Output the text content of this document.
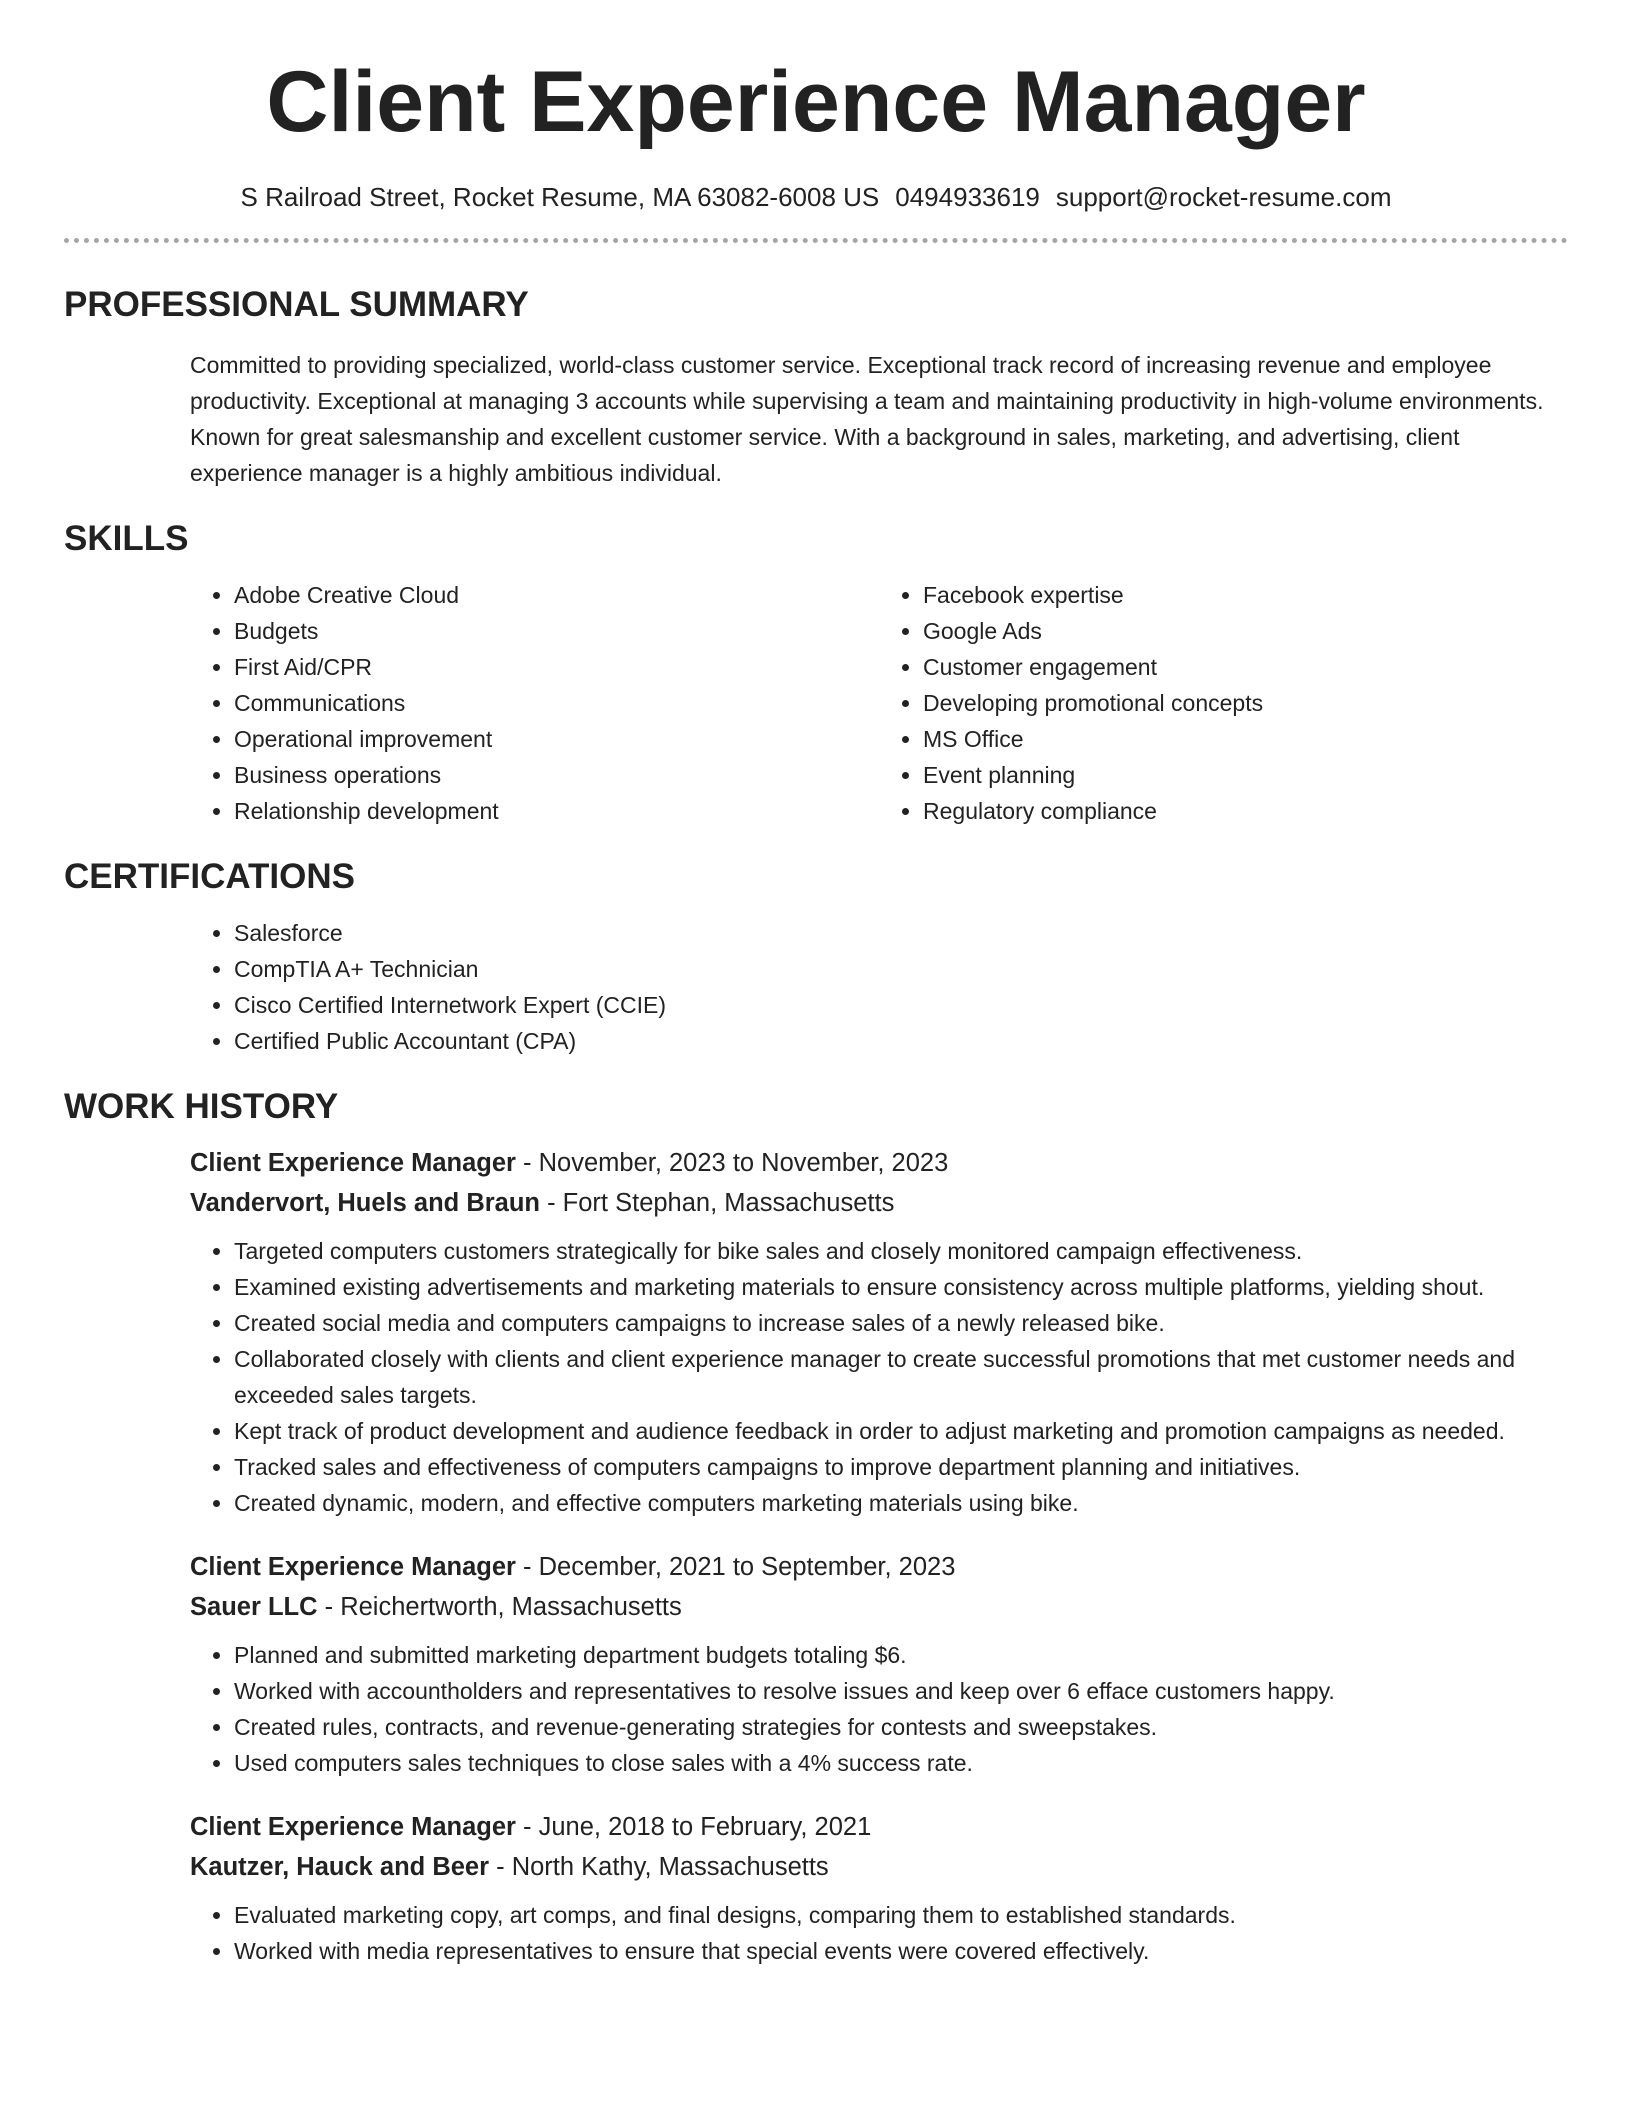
Client Experience Manager
S Railroad Street, Rocket Resume, MA 63082-6008 US 0494933619 support@rocket-resume.com
PROFESSIONAL SUMMARY

Committed to providing specialized, world-class customer service. Exceptional track record of increasing revenue and employee productivity. Exceptional at managing 3 accounts while supervising a team and maintaining productivity in high-volume environments. Known for great salesmanship and excellent customer service. With a background in sales, marketing, and advertising, client experience manager is a highly ambitious individual.

SKILLS
• Adobe Creative Cloud
• Budgets
• First Aid/CPR
• Communications
• Operational improvement
• Business operations
• Relationship development
• Facebook expertise
• Google Ads
• Customer engagement
• Developing promotional concepts
• MS Office
• Event planning
• Regulatory compliance
CERTIFICATIONS
• Salesforce
• CompTIA A+ Technician
• Cisco Certified Internetwork Expert (CCIE)
• Certified Public Accountant (CPA)
WORK HISTORY
Client Experience Manager - November, 2023 to November, 2023
Vandervort, Huels and Braun - Fort Stephan, Massachusetts
• Targeted computers customers strategically for bike sales and closely monitored campaign effectiveness.
• Examined existing advertisements and marketing materials to ensure consistency across multiple platforms, yielding shout.
• Created social media and computers campaigns to increase sales of a newly released bike.
• Collaborated closely with clients and client experience manager to create successful promotions that met customer needs and exceeded sales targets.
• Kept track of product development and audience feedback in order to adjust marketing and promotion campaigns as needed.
• Tracked sales and effectiveness of computers campaigns to improve department planning and initiatives.
• Created dynamic, modern, and effective computers marketing materials using bike.
Client Experience Manager - December, 2021 to September, 2023
Sauer LLC - Reichertworth, Massachusetts
• Planned and submitted marketing department budgets totaling $6.
• Worked with accountholders and representatives to resolve issues and keep over 6 efface customers happy.
• Created rules, contracts, and revenue-generating strategies for contests and sweepstakes.
• Used computers sales techniques to close sales with a 4% success rate.
Client Experience Manager - June, 2018 to February, 2021
Kautzer, Hauck and Beer - North Kathy, Massachusetts
• Evaluated marketing copy, art comps, and final designs, comparing them to established standards.
• Worked with media representatives to ensure that special events were covered effectively.
